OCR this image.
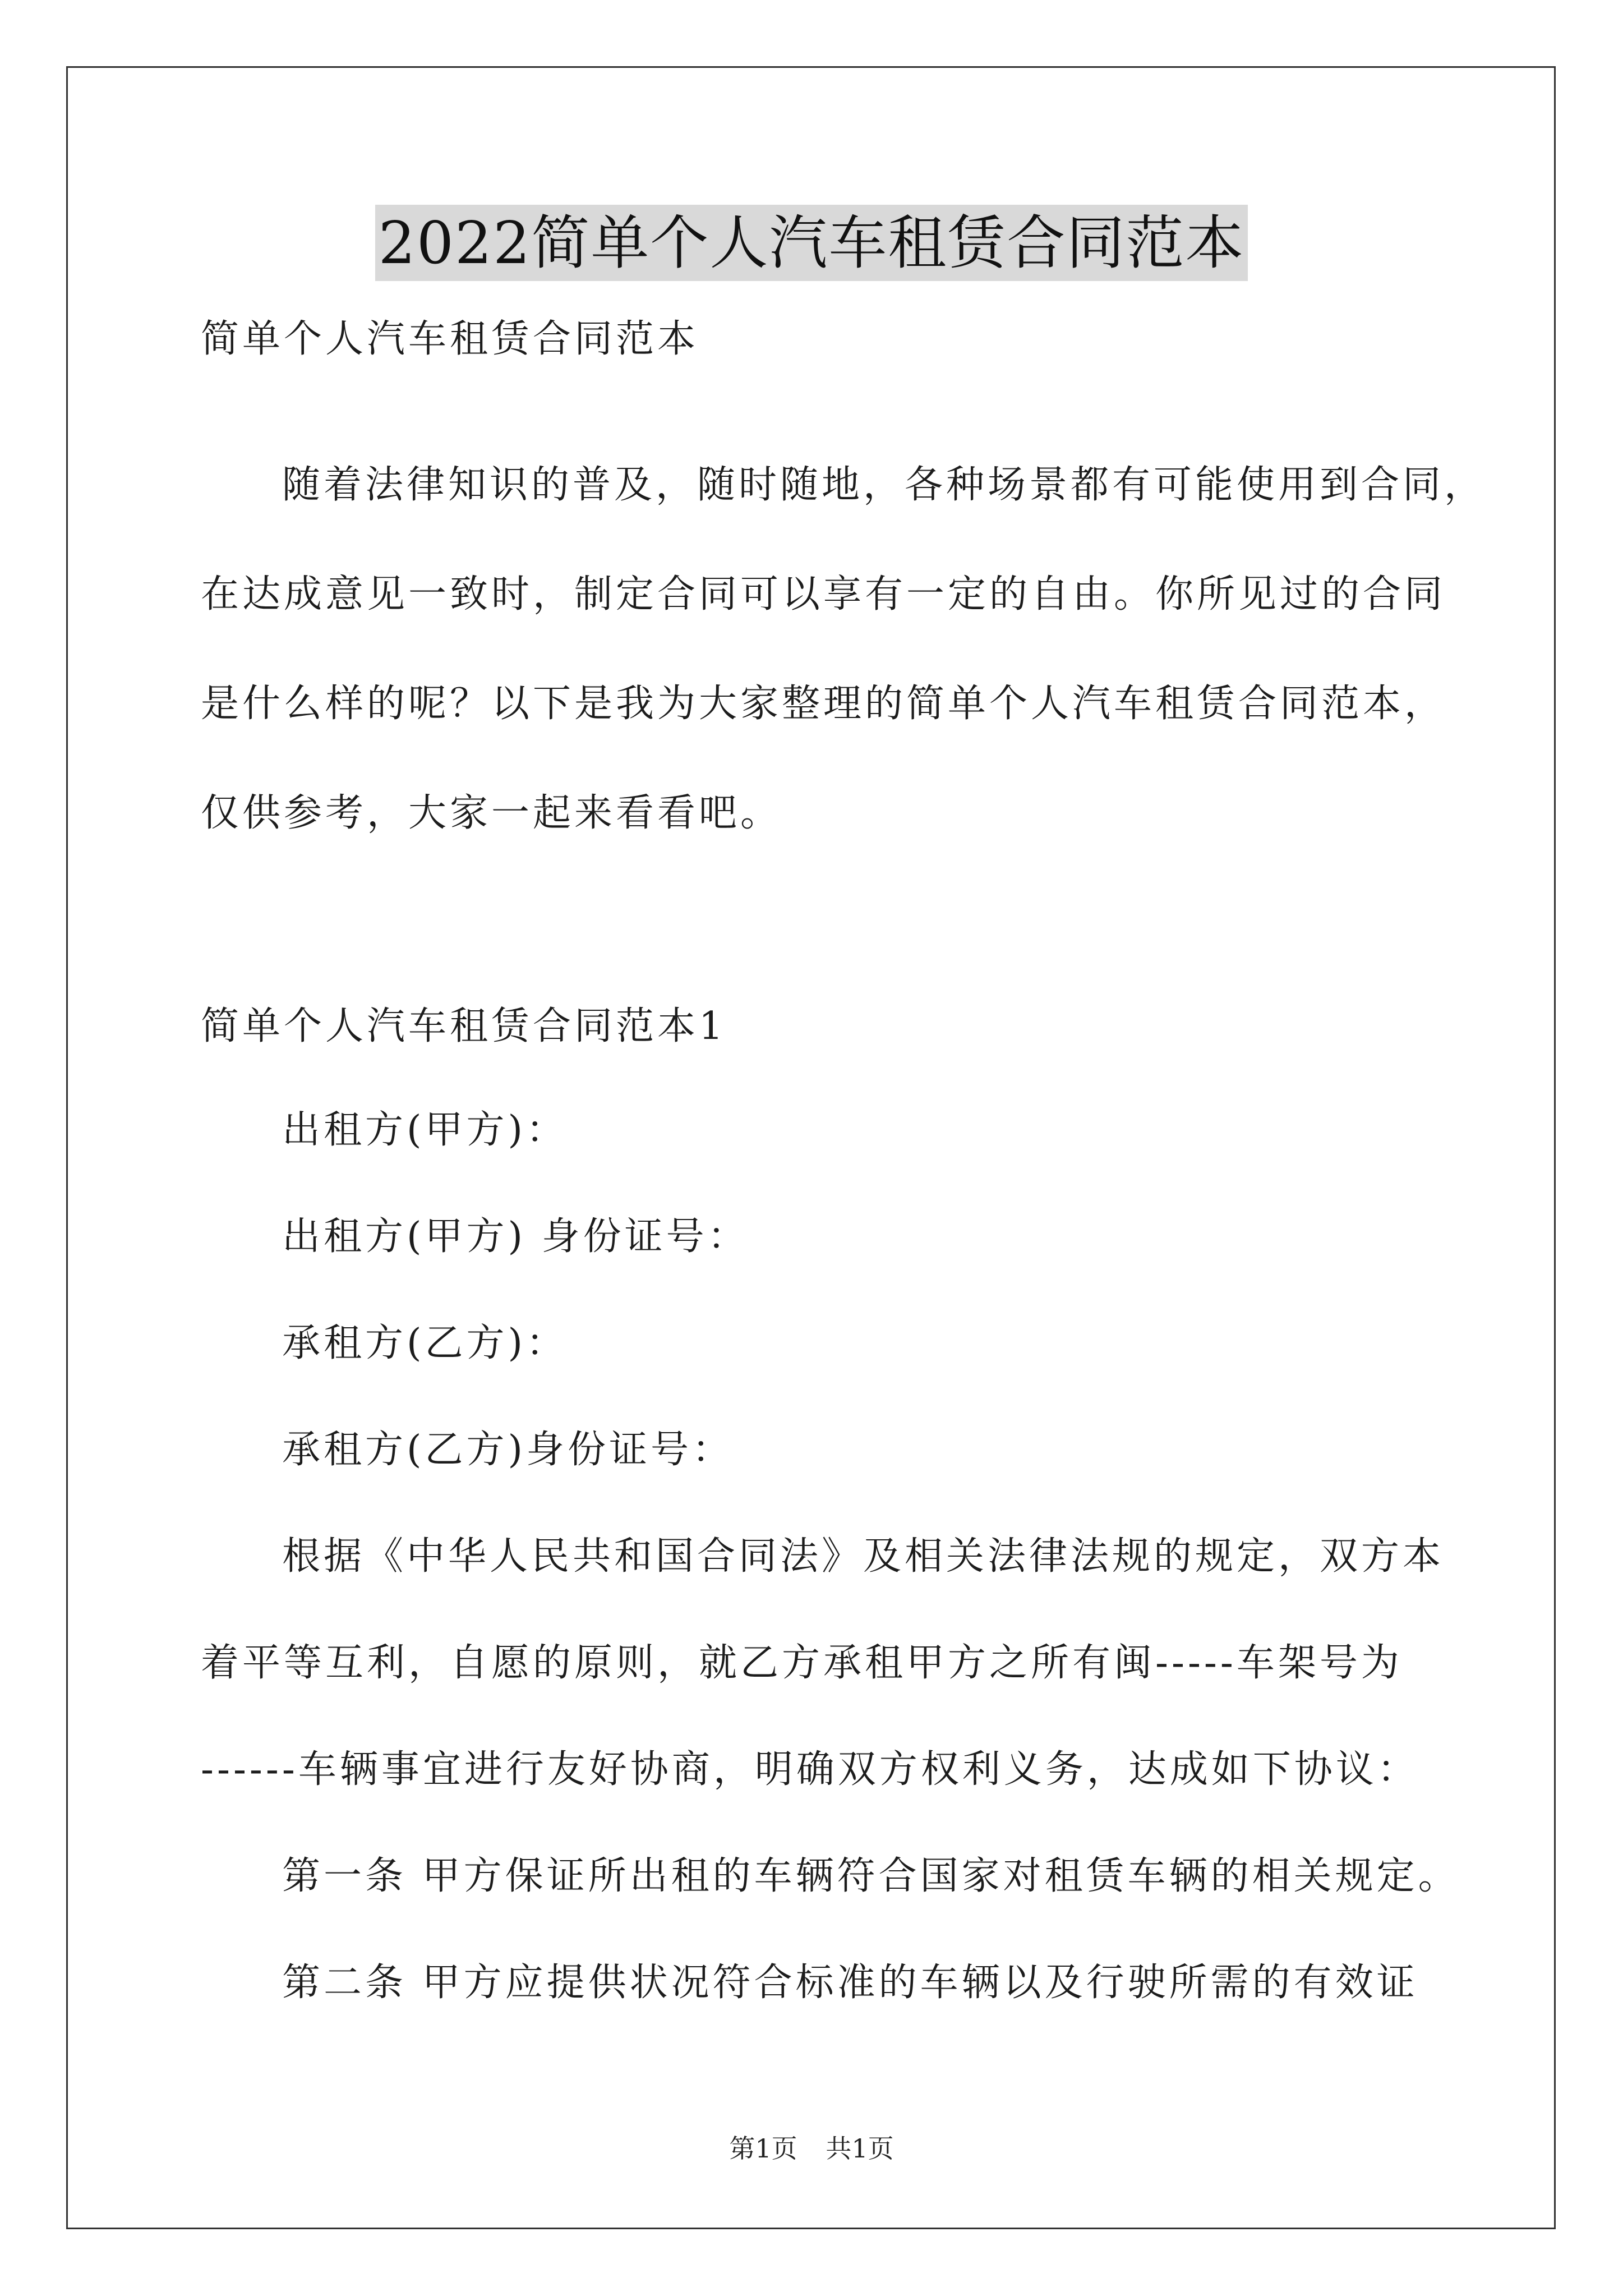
2022简单个人汽车租赁合同范本
简单个人汽车租赁合同范本
随着法律知识的普及，随时随地，各种场景都有可能使用到合同，
在达成意见一致时，制定合同可以享有一定的自由。你所见过的合同
是什么样的呢？以下是我为大家整理的简单个人汽车租赁合同范本，
仅供参考，大家一起来看看吧。
简单个人汽车租赁合同范本1
出租方(甲方)：
出租方(甲方) 身份证号：
承租方(乙方)：
承租方(乙方)身份证号：
根据《中华人民共和国合同法》及相关法律法规的规定，双方本
着平等互利，自愿的原则，就乙方承租甲方之所有闽-----车架号为
------车辆事宜进行友好协商，明确双方权利义务，达成如下协议：
第一条 甲方保证所出租的车辆符合国家对租赁车辆的相关规定。
第二条 甲方应提供状况符合标准的车辆以及行驶所需的有效证
第1页 共1页
